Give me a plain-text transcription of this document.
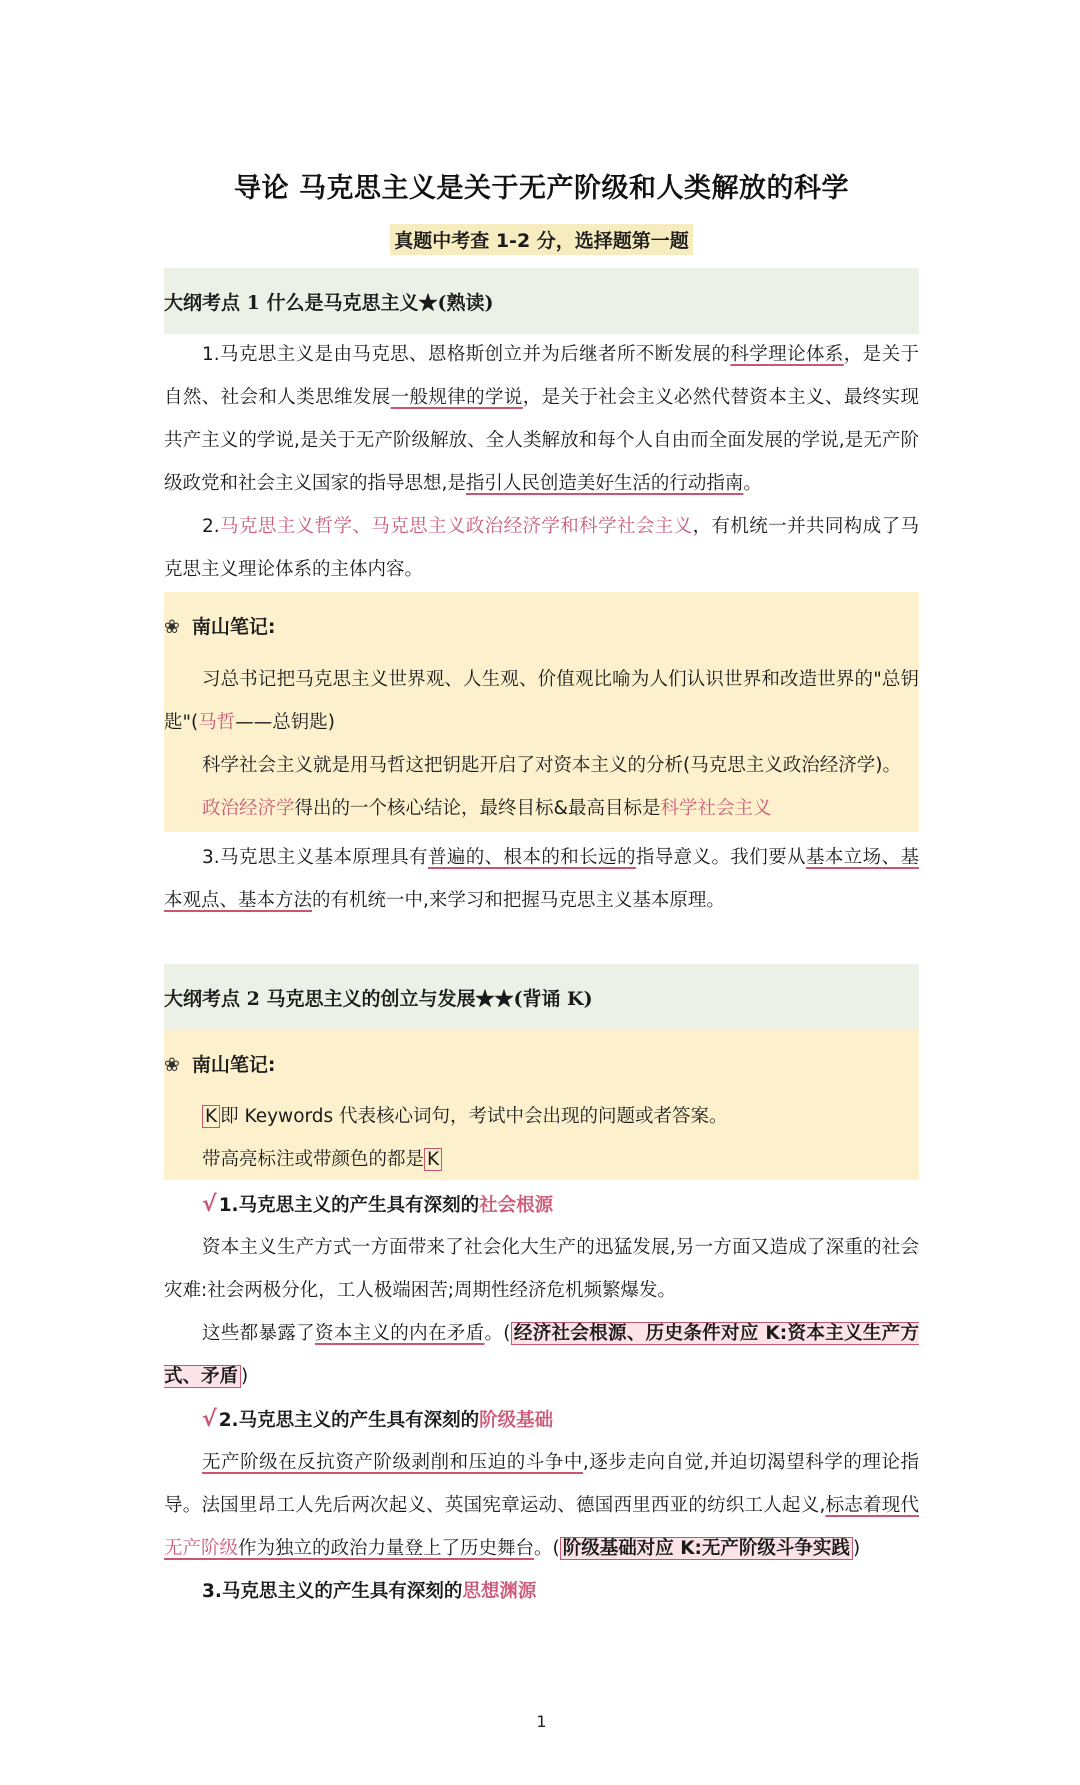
导论 马克思主义是关于无产阶级和人类解放的科学
真题中考查 1-2 分，选择题第一题
大纲考点 1 什么是马克思主义★(熟读)

1.马克思主义是由马克思、恩格斯创立并为后继者所不断发展的科学理论体系，是关于自然、社会和人类思维发展一般规律的学说，是关于社会主义必然代替资本主义、最终实现共产主义的学说,是关于无产阶级解放、全人类解放和每个人自由而全面发展的学说,是无产阶级政党和社会主义国家的指导思想,是指引人民创造美好生活的行动指南。

2.马克思主义哲学、马克思主义政治经济学和科学社会主义，有机统一并共同构成了马克思主义理论体系的主体内容。

❀ 南山笔记:

习总书记把马克思主义世界观、人生观、价值观比喻为人们认识世界和改造世界的"总钥匙"(马哲——总钥匙)

科学社会主义就是用马哲这把钥匙开启了对资本主义的分析(马克思主义政治经济学)。

政治经济学得出的一个核心结论，最终目标&最高目标是科学社会主义

3.马克思主义基本原理具有普遍的、根本的和长远的指导意义。我们要从基本立场、基本观点、基本方法的有机统一中,来学习和把握马克思主义基本原理。

大纲考点 2 马克思主义的创立与发展★★(背诵 K)
❀ 南山笔记:

K 即 Keywords 代表核心词句，考试中会出现的问题或者答案。

带高亮标注或带颜色的都是 K

√ 1.马克思主义的产生具有深刻的社会根源

资本主义生产方式一方面带来了社会化大生产的迅猛发展,另一方面又造成了深重的社会灾难:社会两极分化，工人极端困苦;周期性经济危机频繁爆发。

这些都暴露了资本主义的内在矛盾。( 经济社会根源、历史条件对应 K:资本主义生产方式、矛盾 )

√ 2.马克思主义的产生具有深刻的阶级基础

无产阶级在反抗资产阶级剥削和压迫的斗争中,逐步走向自觉,并迫切渴望科学的理论指导。法国里昂工人先后两次起义、英国宪章运动、德国西里西亚的纺织工人起义,标志着现代无产阶级作为独立的政治力量登上了历史舞台。( 阶级基础对应 K:无产阶级斗争实践 )

3.马克思主义的产生具有深刻的思想渊源

1
